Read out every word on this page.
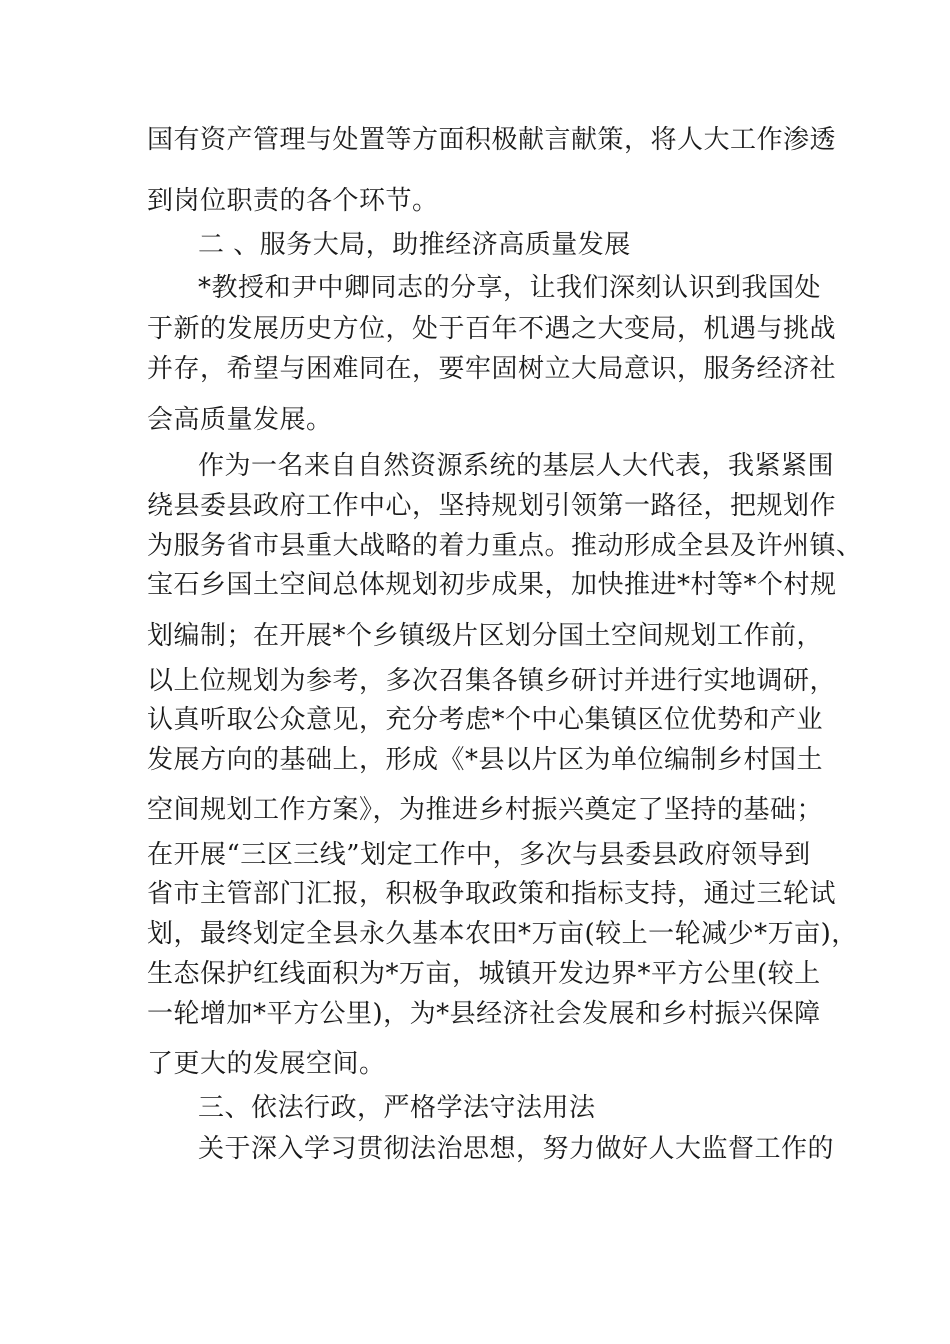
国有资产管理与处置等方面积极献言献策，将人大工作渗透
到岗位职责的各个环节。
二 、服务大局，助推经济高质量发展
*教授和尹中卿同志的分享，让我们深刻认识到我国处
于新的发展历史方位，处于百年不遇之大变局，机遇与挑战
并存，希望与困难同在，要牢固树立大局意识，服务经济社
会高质量发展。
作为一名来自自然资源系统的基层人大代表，我紧紧围
绕县委县政府工作中心，坚持规划引领第一路径，把规划作
为服务省市县重大战略的着力重点。推动形成全县及许州镇、
宝石乡国土空间总体规划初步成果，加快推进*村等*个村规
划编制；在开展*个乡镇级片区划分国土空间规划工作前，
以上位规划为参考，多次召集各镇乡研讨并进行实地调研，
认真听取公众意见，充分考虑*个中心集镇区位优势和产业
发展方向的基础上，形成《*县以片区为单位编制乡村国土
空间规划工作方案》，为推进乡村振兴奠定了坚持的基础；
在开展“三区三线”划定工作中，多次与县委县政府领导到
省市主管部门汇报，积极争取政策和指标支持，通过三轮试
划，最终划定全县永久基本农田*万亩(较上一轮减少*万亩)，
生态保护红线面积为*万亩，城镇开发边界*平方公里(较上
一轮增加*平方公里)，为*县经济社会发展和乡村振兴保障
了更大的发展空间。
三、依法行政，严格学法守法用法
关于深入学习贯彻法治思想，努力做好人大监督工作的
